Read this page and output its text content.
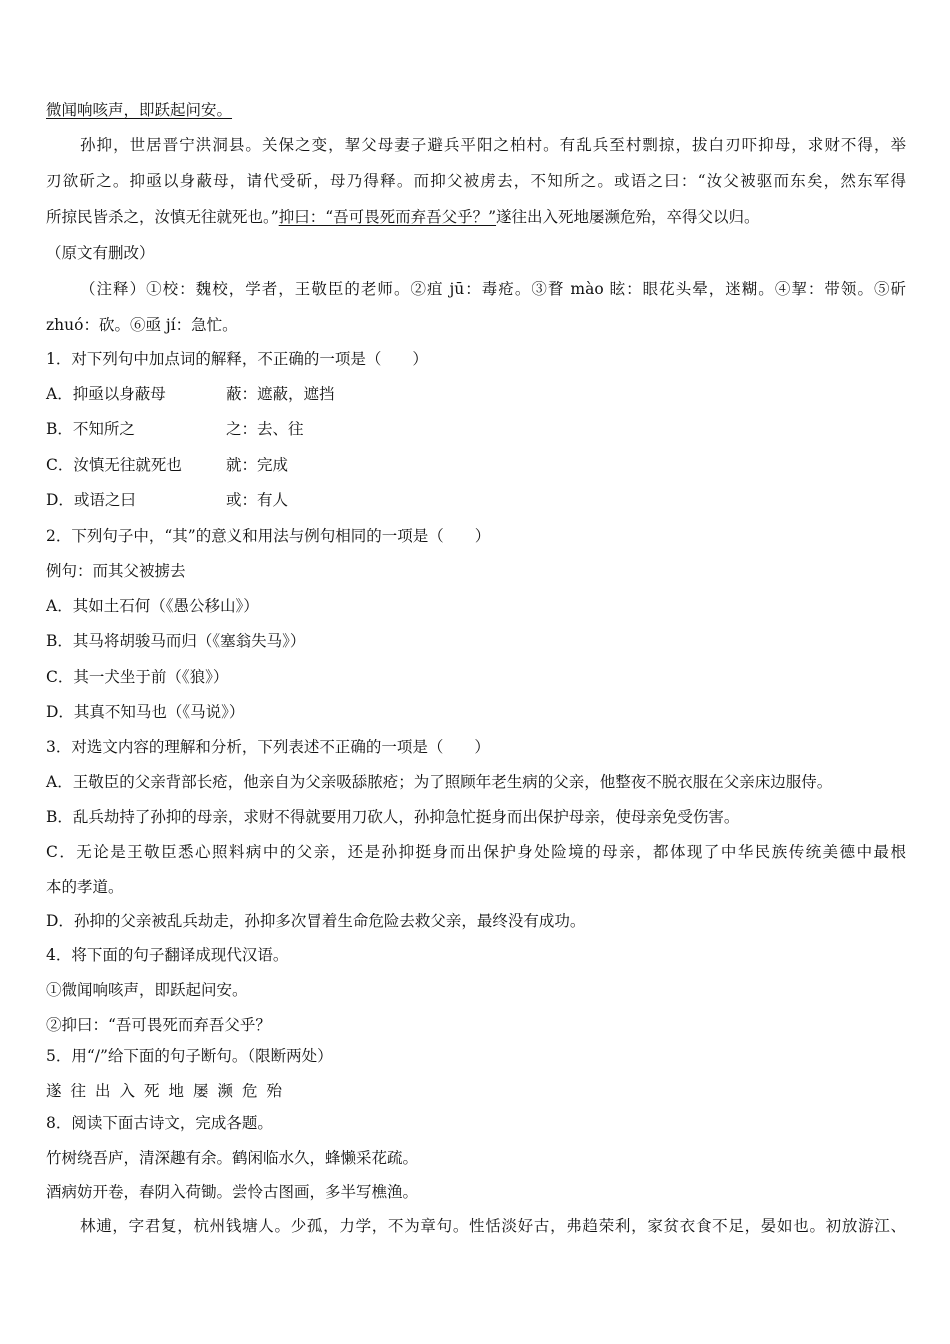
微闻响咳声，即跃起问安。
孙抑，世居晋宁洪洞县。关保之变，挈父母妻子避兵平阳之柏村。有乱兵至村剽掠，拔白刃吓抑母，求财不得，举
刃欲斫之。抑亟以身蔽母，请代受斫，母乃得释。而抑父被虏去，不知所之。或语之曰：“汝父被驱而东矣，然东军得
所掠民皆杀之，汝慎无往就死也。”抑曰：“吾可畏死而弃吾父乎？”遂往出入死地屡濒危殆，卒得父以归。
（原文有删改）
（注释）①校：魏校，学者，王敬臣的老师。②疽 jū：毒疮。③瞀 mào 眩：眼花头晕，迷糊。④挈：带领。⑤斫
zhuó：砍。⑥亟 jí：急忙。
1．对下列句中加点词的解释，不正确的一项是（　　）
A．抑亟以身蔽母	蔽：遮蔽，遮挡
B．不知所之	之：去、往
C．汝慎无往就死也	就：完成
D．或语之曰	或：有人
2．下列句子中，“其”的意义和用法与例句相同的一项是（　　）
例句：而其父被掳去
A．其如土石何（《愚公移山》）
B．其马将胡骏马而归（《塞翁失马》）
C．其一犬坐于前（《狼》）
D．其真不知马也（《马说》）
3．对选文内容的理解和分析，下列表述不正确的一项是（　　）
A．王敬臣的父亲背部长疮，他亲自为父亲吸舔脓疮；为了照顾年老生病的父亲，他整夜不脱衣服在父亲床边服侍。
B．乱兵劫持了孙抑的母亲，求财不得就要用刀砍人，孙抑急忙挺身而出保护母亲，使母亲免受伤害。
C．无论是王敬臣悉心照料病中的父亲，还是孙抑挺身而出保护身处险境的母亲，都体现了中华民族传统美德中最根
本的孝道。
D．孙抑的父亲被乱兵劫走，孙抑多次冒着生命危险去救父亲，最终没有成功。
4．将下面的句子翻译成现代汉语。
①微闻响咳声，即跃起问安。
②抑曰：“吾可畏死而弃吾父乎？
5．用“/”给下面的句子断句。（限断两处）
遂往出入死地屡濒危殆
8．阅读下面古诗文，完成各题。
竹树绕吾庐，清深趣有余。鹤闲临水久，蜂懒采花疏。
酒病妨开卷，春阴入荷锄。尝怜古图画，多半写樵渔。
林逋，字君复，杭州钱塘人。少孤，力学，不为章句。性恬淡好古，弗趋荣利，家贫衣食不足，晏如也。初放游江、
